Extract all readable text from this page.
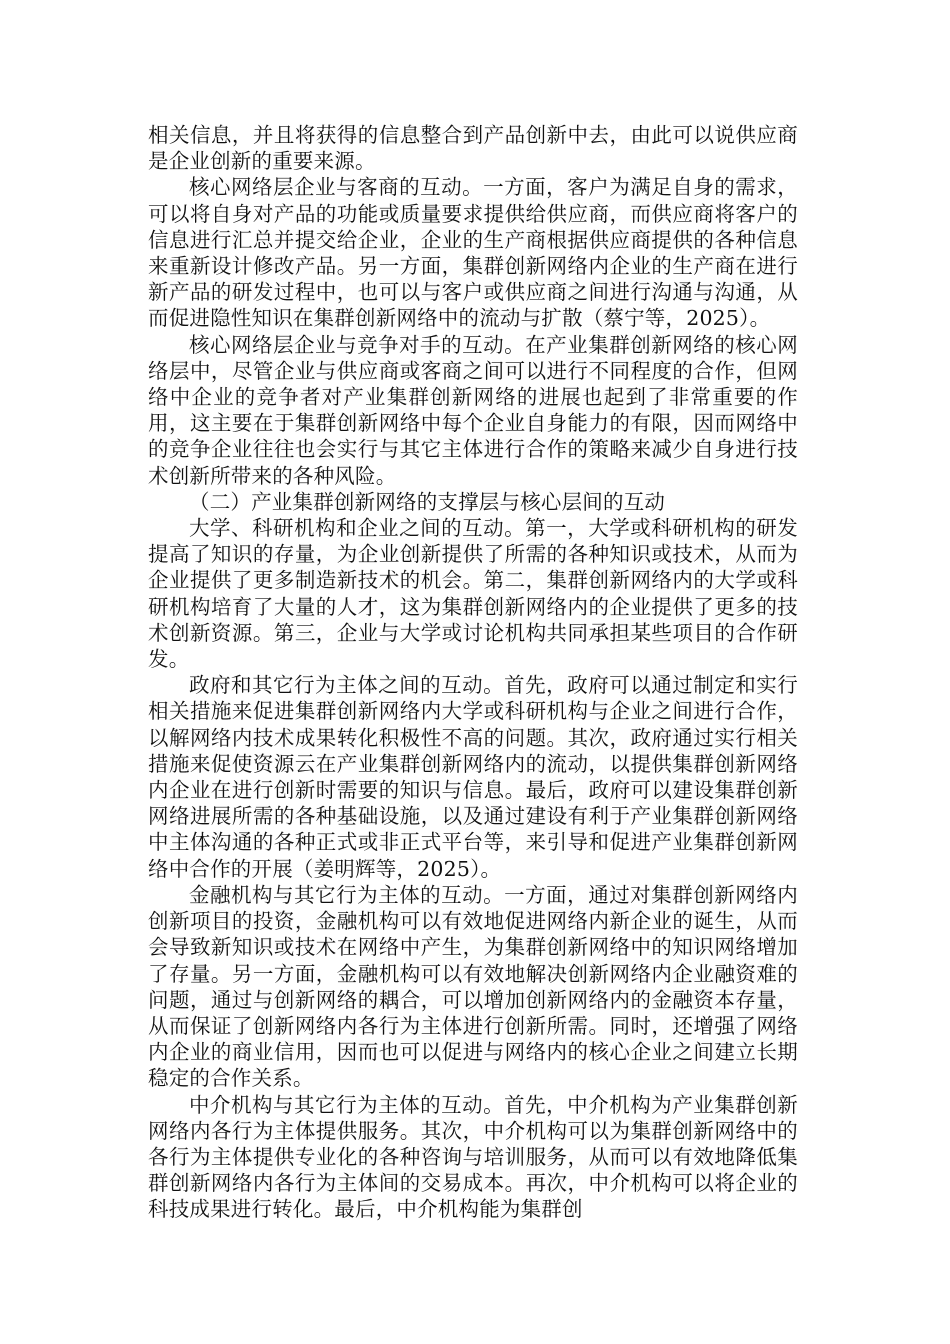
相关信息，并且将获得的信息整合到产品创新中去，由此可以说供应商是企业创新的重要来源。

核心网络层企业与客商的互动。一方面，客户为满足自身的需求，可以将自身对产品的功能或质量要求提供给供应商，而供应商将客户的信息进行汇总并提交给企业，企业的生产商根据供应商提供的各种信息来重新设计修改产品。另一方面，集群创新网络内企业的生产商在进行新产品的研发过程中，也可以与客户或供应商之间进行沟通与沟通，从而促进隐性知识在集群创新网络中的流动与扩散（蔡宁等，2025）。

核心网络层企业与竞争对手的互动。在产业集群创新网络的核心网络层中，尽管企业与供应商或客商之间可以进行不同程度的合作，但网络中企业的竞争者对产业集群创新网络的进展也起到了非常重要的作用，这主要在于集群创新网络中每个企业自身能力的有限，因而网络中的竞争企业往往也会实行与其它主体进行合作的策略来减少自身进行技术创新所带来的各种风险。

（二）产业集群创新网络的支撑层与核心层间的互动

大学、科研机构和企业之间的互动。第一，大学或科研机构的研发提高了知识的存量，为企业创新提供了所需的各种知识或技术，从而为企业提供了更多制造新技术的机会。第二，集群创新网络内的大学或科研机构培育了大量的人才，这为集群创新网络内的企业提供了更多的技术创新资源。第三，企业与大学或讨论机构共同承担某些项目的合作研发。

政府和其它行为主体之间的互动。首先，政府可以通过制定和实行相关措施来促进集群创新网络内大学或科研机构与企业之间进行合作，以解网络内技术成果转化积极性不高的问题。其次，政府通过实行相关措施来促使资源云在产业集群创新网络内的流动，以提供集群创新网络内企业在进行创新时需要的知识与信息。最后，政府可以建设集群创新网络进展所需的各种基础设施，以及通过建设有利于产业集群创新网络中主体沟通的各种正式或非正式平台等，来引导和促进产业集群创新网络中合作的开展（姜明辉等，2025）。

金融机构与其它行为主体的互动。一方面，通过对集群创新网络内创新项目的投资，金融机构可以有效地促进网络内新企业的诞生，从而会导致新知识或技术在网络中产生，为集群创新网络中的知识网络增加了存量。另一方面，金融机构可以有效地解决创新网络内企业融资难的问题，通过与创新网络的耦合，可以增加创新网络内的金融资本存量，从而保证了创新网络内各行为主体进行创新所需。同时，还增强了网络内企业的商业信用，因而也可以促进与网络内的核心企业之间建立长期稳定的合作关系。

中介机构与其它行为主体的互动。首先，中介机构为产业集群创新网络内各行为主体提供服务。其次，中介机构可以为集群创新网络中的各行为主体提供专业化的各种咨询与培训服务，从而可以有效地降低集群创新网络内各行为主体间的交易成本。再次，中介机构可以将企业的科技成果进行转化。最后，中介机构能为集群创
